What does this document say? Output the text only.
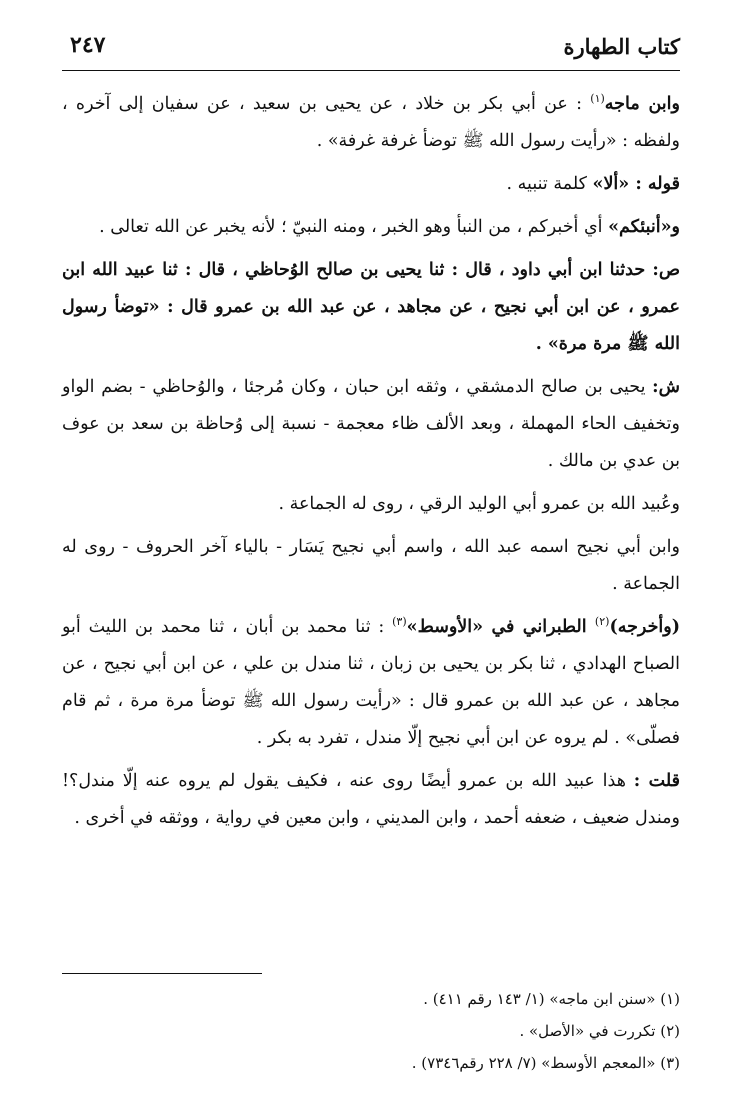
كتاب الطهارة
٢٤٧

وابن ماجه$^{(١)}$ : عن أبي بكر بن خلاد ، عن يحيى بن سعيد ، عن سفيان إلى آخره ، ولفظه : «رأيت رسول الله ﷺ توضأ غرفة غرفة» .

قوله : «ألا» كلمة تنبيه .

و«أنبئكم» أي أخبركم ، من النبأ وهو الخبر ، ومنه النبيّ ؛ لأنه يخبر عن الله تعالى .

ص: حدثنا ابن أبي داود ، قال : ثنا يحيى بن صالح الوُحاظي ، قال : ثنا عبيد الله ابن عمرو ، عن ابن أبي نجيح ، عن مجاهد ، عن عبد الله بن عمرو قال : «توضأ رسول الله ﷺ مرة مرة» .

ش: يحيى بن صالح الدمشقي ، وثقه ابن حبان ، وكان مُرجئا ، والوُحاظي - بضم الواو وتخفيف الحاء المهملة ، وبعد الألف ظاء معجمة - نسبة إلى وُحاظة بن سعد بن عوف بن عدي بن مالك .

وعُبيد الله بن عمرو أبي الوليد الرقي ، روى له الجماعة .

وابن أبي نجيح اسمه عبد الله ، واسم أبي نجيح يَسَار - بالياء آخر الحروف - روى له الجماعة .

(وأخرجه)$^{(٢)}$ الطبراني في «الأوسط»$^{(٣)}$ : ثنا محمد بن أبان ، ثنا محمد بن الليث أبو الصباح الهدادي ، ثنا بكر بن يحيى بن زبان ، ثنا مندل بن علي ، عن ابن أبي نجيح ، عن مجاهد ، عن عبد الله بن عمرو قال : «رأيت رسول الله ﷺ توضأ مرة مرة ، ثم قام فصلّى» . لم يروه عن ابن أبي نجيح إلّا مندل ، تفرد به بكر .

قلت : هذا عبيد الله بن عمرو أيضًا روى عنه ، فكيف يقول لم يروه عنه إلّا مندل؟! ومندل ضعيف ، ضعفه أحمد ، وابن المديني ، وابن معين في رواية ، ووثقه في أخرى .

(١) «سنن ابن ماجه» (١/ ١٤٣ رقم ٤١١) .

(٢) تكررت في «الأصل» .

(٣) «المعجم الأوسط» (٧/ ٢٢٨ رقم٧٣٤٦) .
